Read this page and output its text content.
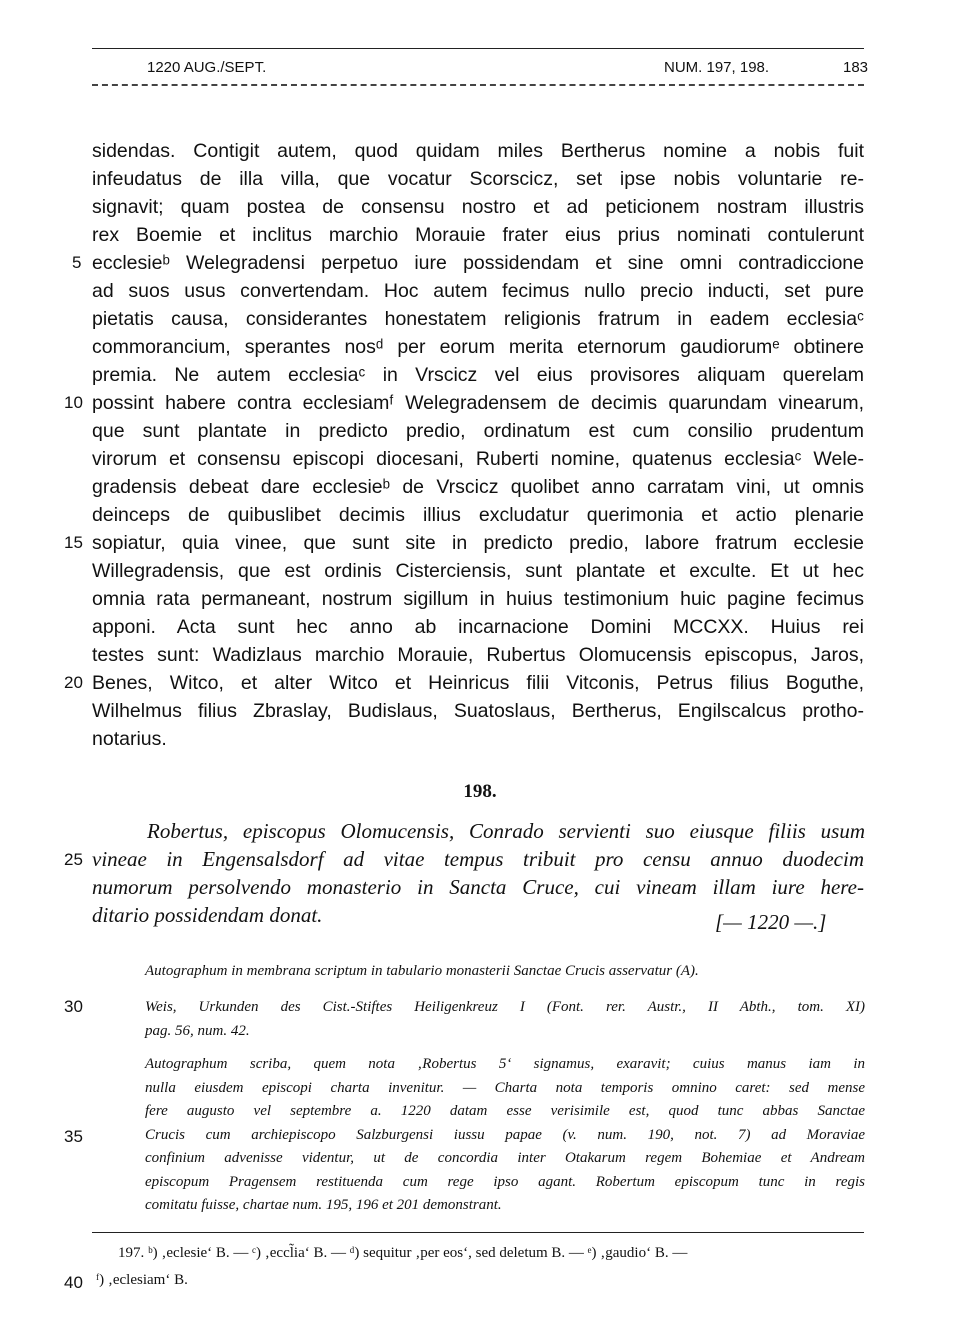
1220 AUG./SEPT.	NUM. 197, 198.	183
sidendas. Contigit autem, quod quidam miles Bertherus nomine a nobis fuit
infeudatus de illa villa, que vocatur Scorscicz, set ipse nobis voluntarie re-
signavit; quam postea de consensu nostro et ad peticionem nostram illustris
rex Boemie et inclitus marchio Morauie frater eius prius nominati contulerunt
ecclesieᵇ Welegradensi perpetuo iure possidendam et sine omni contradiccione
ad suos usus convertendam. Hoc autem fecimus nullo precio inducti, set pure
pietatis causa, considerantes honestatem religionis fratrum in eadem ecclesiaᶜ
commorancium, sperantes nosᵈ per eorum merita eternorum gaudiorumᵉ obtinere
premia. Ne autem ecclesiaᶜ in Vrscicz vel eius provisores aliquam querelam
possint habere contra ecclesiamᶠ Welegradensem de decimis quarundam vinearum,
que sunt plantate in predicto predio, ordinatum est cum consilio prudentum
virorum et consensu episcopi diocesani, Ruberti nomine, quatenus ecclesiaᶜ Wele-
gradensis debeat dare ecclesieᵇ de Vrscicz quolibet anno carratam vini, ut omnis
deinceps de quibuslibet decimis illius excludatur querimonia et actio plenarie
sopiatur, quia vinee, que sunt site in predicto predio, labore fratrum ecclesie
Willegradensis, que est ordinis Cisterciensis, sunt plantate et exculte. Et ut hec
omnia rata permaneant, nostrum sigillum in huius testimonium huic pagine fecimus
apponi. Acta sunt hec anno ab incarnacione Domini MCCXX. Huius rei
testes sunt: Wadizlaus marchio Morauie, Rubertus Olomucensis episcopus, Jaros,
Benes, Witco, et alter Witco et Heinricus filii Vitconis, Petrus filius Boguthe,
Wilhelmus filius Zbraslay, Budislaus, Suatoslaus, Bertherus, Engilscalcus protho-
notarius.
5
10
15
20
25
30
35
40
198.
Robertus, episcopus Olomucensis, Conrado servienti suo eiusque filiis usum
vineae in Engensalsdorf ad vitae tempus tribuit pro censu annuo duodecim
numorum persolvendo monasterio in Sancta Cruce, cui vineam illam iure here-
ditario possidendam donat.	[— 1220 —.]
Autographum in membrana scriptum in tabulario monasterii Sanctae Crucis asservatur (A).
Weis, Urkunden des Cist.-Stiftes Heiligenkreuz I (Font. rer. Austr., II Abth., tom. XI)
pag. 56, num. 42.
Autographum scriba, quem nota ‚Robertus 5‘ signamus, exaravit; cuius manus iam in
nulla eiusdem episcopi charta invenitur. — Charta nota temporis omnino caret: sed mense
fere augusto vel septembre a. 1220 datam esse verisimile est, quod tunc abbas Sanctae
Crucis cum archiepiscopo Salzburgensi iussu papae (v. num. 190, not. 7) ad Moraviae
confinium advenisse videntur, ut de concordia inter Otakarum regem Bohemiae et Andream
episcopum Pragensem restituenda cum rege ipso agant. Robertum episcopum tunc in regis
comitatu fuisse, chartae num. 195, 196 et 201 demonstrant.
197. ᵇ) ‚eclesie‘ B. — ᶜ) ‚eccl̃ia‘ B. — ᵈ) sequitur ‚per eos‘, sed deletum B. — ᵉ) ‚gaudio‘ B. —
ᶠ) ‚eclesiam‘ B.
